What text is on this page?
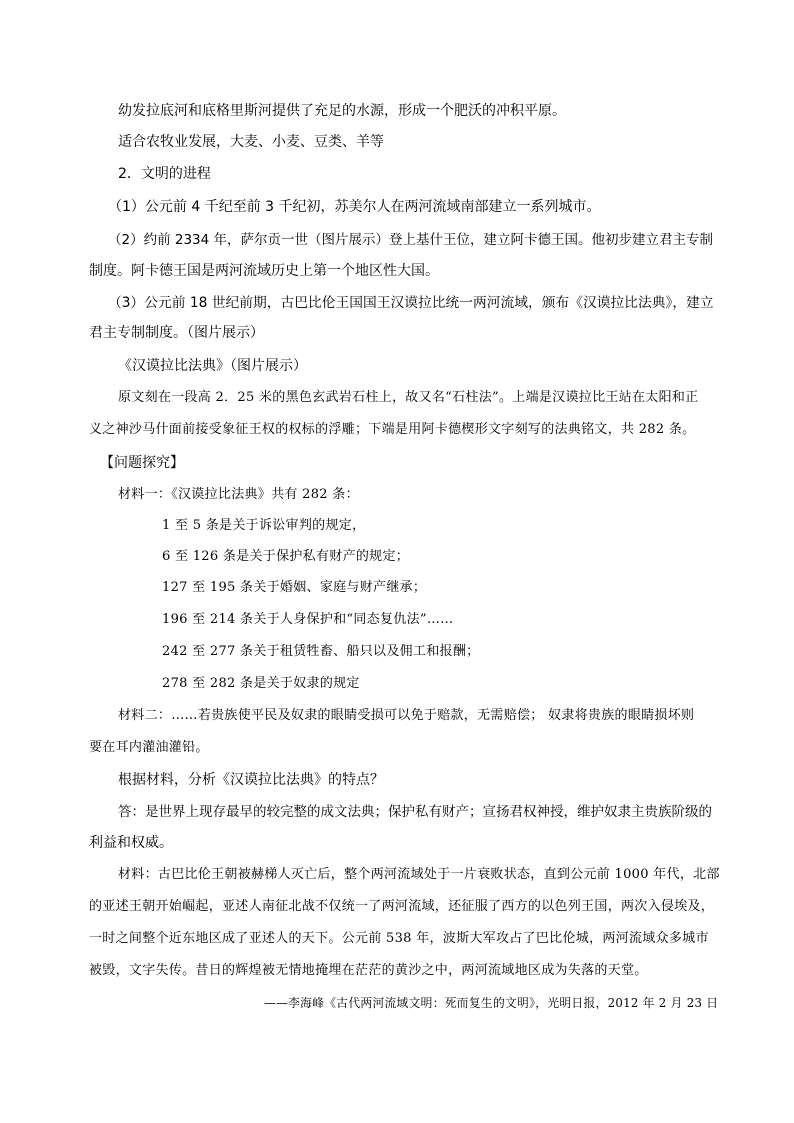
幼发拉底河和底格里斯河提供了充足的水源，形成一个肥沃的冲积平原。
适合农牧业发展，大麦、小麦、豆类、羊等
2．文明的进程
（1）公元前 4 千纪至前 3 千纪初，苏美尔人在两河流域南部建立一系列城市。
（2）约前 2334 年，萨尔贡一世（图片展示）登上基什王位，建立阿卡德王国。他初步建立君主专制
制度。阿卡德王国是两河流域历史上第一个地区性大国。
（3）公元前 18 世纪前期，古巴比伦王国国王汉谟拉比统一两河流域，颁布《汉谟拉比法典》，建立
君主专制制度。（图片展示）
《汉谟拉比法典》（图片展示）
原文刻在一段高 2．25 米的黑色玄武岩石柱上，故又名“石柱法”。上端是汉谟拉比王站在太阳和正
义之神沙马什面前接受象征王权的权标的浮雕；下端是用阿卡德楔形文字刻写的法典铭文，共 282 条。
【问题探究】
材料一：《汉谟拉比法典》共有 282 条：
1 至 5 条是关于诉讼审判的规定，
6 至 126 条是关于保护私有财产的规定；
127 至 195 条关于婚姻、家庭与财产继承；
196 至 214 条关于人身保护和“同态复仇法”……
242 至 277 条关于租赁牲畜、船只以及佣工和报酬；
278 至 282 条是关于奴隶的规定
材料二：……若贵族使平民及奴隶的眼睛受损可以免于赔款，无需赔偿； 奴隶将贵族的眼睛损坏则
要在耳内灌油灌铅。
根据材料，分析《汉谟拉比法典》的特点？
答：是世界上现存最早的较完整的成文法典；保护私有财产；宣扬君权神授，维护奴隶主贵族阶级的
利益和权威。
材料：古巴比伦王朝被赫梯人灭亡后，整个两河流域处于一片衰败状态，直到公元前 1000 年代，北部
的亚述王朝开始崛起，亚述人南征北战不仅统一了两河流域，还征服了西方的以色列王国，两次入侵埃及，
一时之间整个近东地区成了亚述人的天下。公元前 538 年，波斯大军攻占了巴比伦城，两河流域众多城市
被毁，文字失传。昔日的辉煌被无情地掩埋在茫茫的黄沙之中，两河流域地区成为失落的天堂。
——李海峰《古代两河流域文明：死而复生的文明》，光明日报，2012 年 2 月 23 日
